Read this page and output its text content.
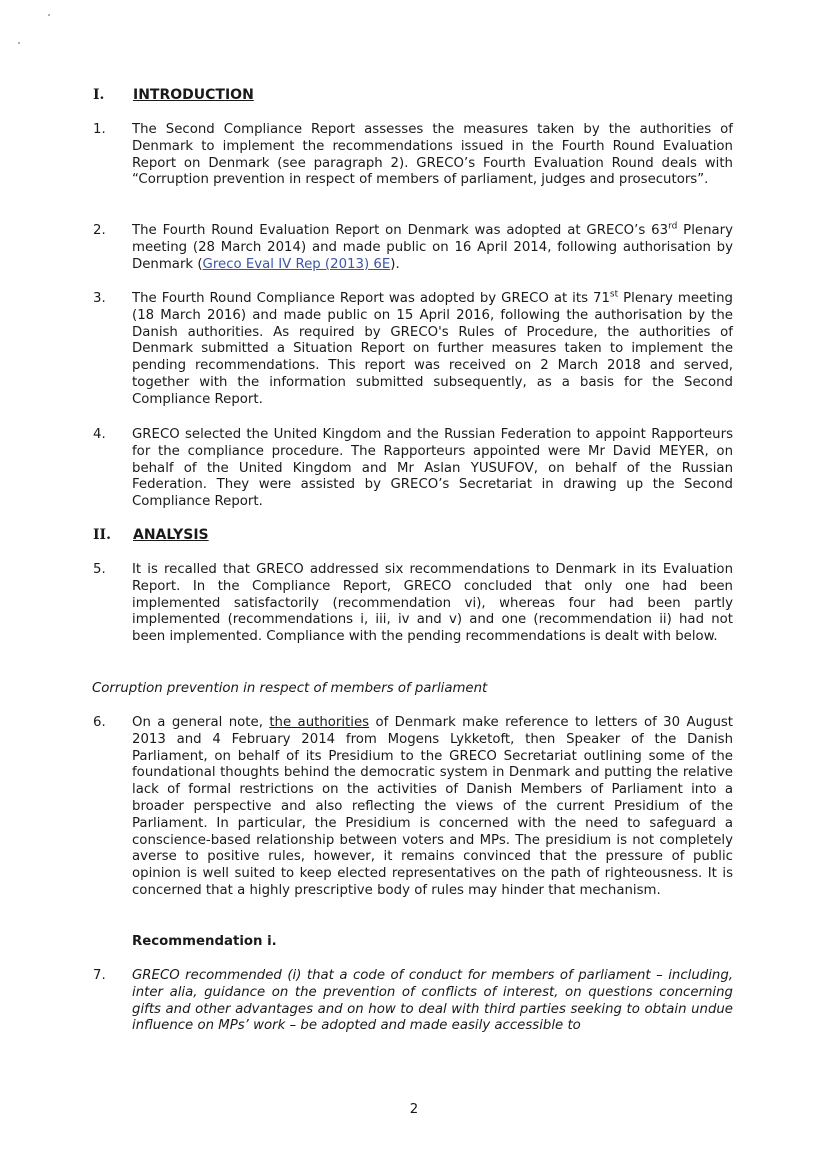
I. INTRODUCTION
1. The Second Compliance Report assesses the measures taken by the authorities of Denmark to implement the recommendations issued in the Fourth Round Evaluation Report on Denmark (see paragraph 2). GRECO’s Fourth Evaluation Round deals with “Corruption prevention in respect of members of parliament, judges and prosecutors”.
2. The Fourth Round Evaluation Report on Denmark was adopted at GRECO’s 63rd Plenary meeting (28 March 2014) and made public on 16 April 2014, following authorisation by Denmark (Greco Eval IV Rep (2013) 6E).
3. The Fourth Round Compliance Report was adopted by GRECO at its 71st Plenary meeting (18 March 2016) and made public on 15 April 2016, following the authorisation by the Danish authorities. As required by GRECO's Rules of Procedure, the authorities of Denmark submitted a Situation Report on further measures taken to implement the pending recommendations. This report was received on 2 March 2018 and served, together with the information submitted subsequently, as a basis for the Second Compliance Report.
4. GRECO selected the United Kingdom and the Russian Federation to appoint Rapporteurs for the compliance procedure. The Rapporteurs appointed were Mr David MEYER, on behalf of the United Kingdom and Mr Aslan YUSUFOV, on behalf of the Russian Federation. They were assisted by GRECO’s Secretariat in drawing up the Second Compliance Report.
II. ANALYSIS
5. It is recalled that GRECO addressed six recommendations to Denmark in its Evaluation Report. In the Compliance Report, GRECO concluded that only one had been implemented satisfactorily (recommendation vi), whereas four had been partly implemented (recommendations i, iii, iv and v) and one (recommendation ii) had not been implemented. Compliance with the pending recommendations is dealt with below.
Corruption prevention in respect of members of parliament
6. On a general note, the authorities of Denmark make reference to letters of 30 August 2013 and 4 February 2014 from Mogens Lykketoft, then Speaker of the Danish Parliament, on behalf of its Presidium to the GRECO Secretariat outlining some of the foundational thoughts behind the democratic system in Denmark and putting the relative lack of formal restrictions on the activities of Danish Members of Parliament into a broader perspective and also reflecting the views of the current Presidium of the Parliament. In particular, the Presidium is concerned with the need to safeguard a conscience-based relationship between voters and MPs. The presidium is not completely averse to positive rules, however, it remains convinced that the pressure of public opinion is well suited to keep elected representatives on the path of righteousness. It is concerned that a highly prescriptive body of rules may hinder that mechanism.
Recommendation i.
7. GRECO recommended (i) that a code of conduct for members of parliament – including, inter alia, guidance on the prevention of conflicts of interest, on questions concerning gifts and other advantages and on how to deal with third parties seeking to obtain undue influence on MPs’ work – be adopted and made easily accessible to
2
